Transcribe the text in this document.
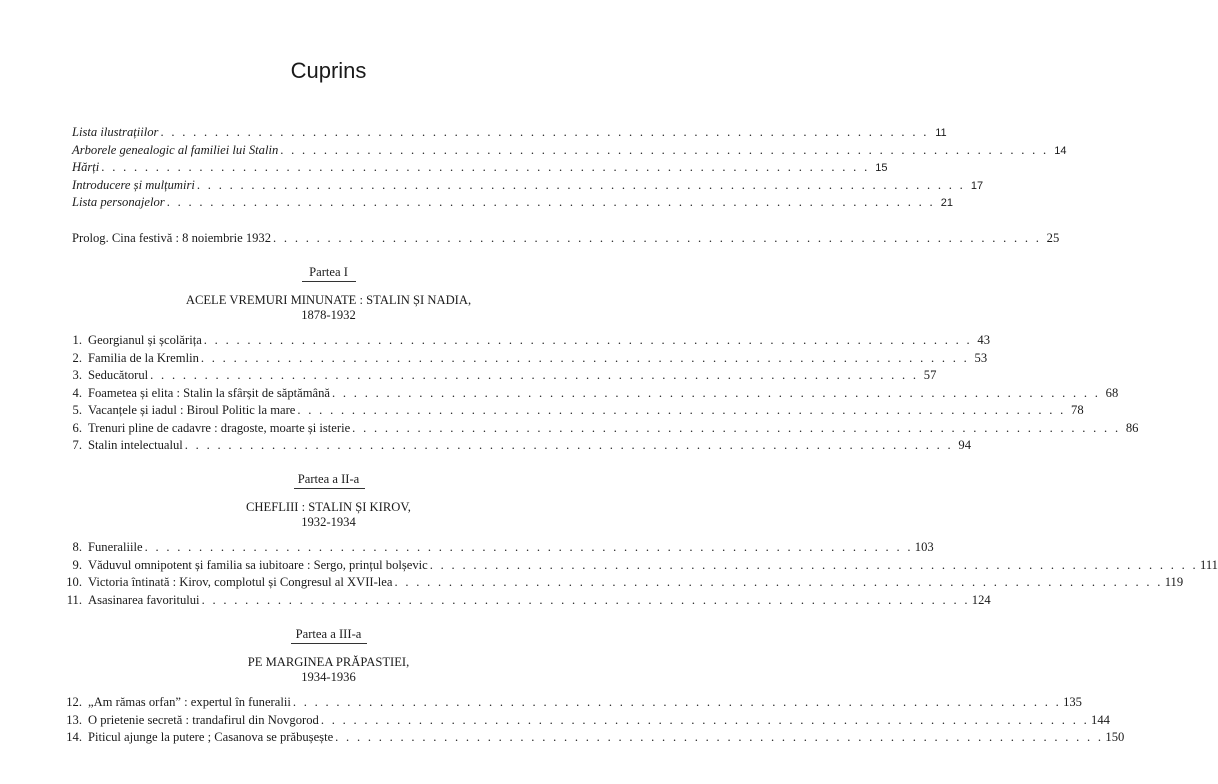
Cuprins
Lista ilustrațiilor . . . . . . . . . . . . . . . . . . . . . . . . . . . . . . . . . . . . . . . . . . . . . . . . . . . . . . . . . . . . . . . . . . . . . . . 11
Arborele genealogic al familiei lui Stalin . . . . . . . . . . . . . . . . . . . . . . . . . . . . . . . . . . . . . . . . . . . . . . . . . . . . . . . . . . . . . . . . . . . . . . . 14
Hărți . . . . . . . . . . . . . . . . . . . . . . . . . . . . . . . . . . . . . . . . . . . . . . . . . . . . . . . . . . . . . . . . . . . . . . . 15
Introducere și mulțumiri . . . . . . . . . . . . . . . . . . . . . . . . . . . . . . . . . . . . . . . . . . . . . . . . . . . . . . . . . . . . . . . . . . . . . . . 17
Lista personajelor . . . . . . . . . . . . . . . . . . . . . . . . . . . . . . . . . . . . . . . . . . . . . . . . . . . . . . . . . . . . . . . . . . . . . . . 21
Prolog. Cina festivă : 8 noiembrie 1932 . . . . . . . . . . . . . . . . . . . . . . . . . . . . . . . . . . . . . . . . . . . . . . . . . . . . . . . . . . . . . . . . . . . . . . . 25
Partea I
ACELE VREMURI MINUNATE : STALIN ȘI NADIA,
1878-1932
1. Georgianul și școlărița . . . . . . . . . . . . . . . . . . . . . . . . . . . . . . . . . . . . . . . . . . . . . . . . . . . . . . . . . . . . . . . . . . . . . . . 43
2. Familia de la Kremlin . . . . . . . . . . . . . . . . . . . . . . . . . . . . . . . . . . . . . . . . . . . . . . . . . . . . . . . . . . . . . . . . . . . . . . . 53
3. Seducătorul . . . . . . . . . . . . . . . . . . . . . . . . . . . . . . . . . . . . . . . . . . . . . . . . . . . . . . . . . . . . . . . . . . . . . . . 57
4. Foametea și elita : Stalin la sfârșit de săptămână . . . . . . . . . . . . . . . . . . . . . . . . . . . . . . . . . . . . . . . . . . . . . . . . . . . . . . . . . . . . . . . . . . . . . . . 68
5. Vacanțele și iadul : Biroul Politic la mare . . . . . . . . . . . . . . . . . . . . . . . . . . . . . . . . . . . . . . . . . . . . . . . . . . . . . . . . . . . . . . . . . . . . . . . 78
6. Trenuri pline de cadavre : dragoste, moarte și isterie . . . . . . . . . . . . . . . . . . . . . . . . . . . . . . . . . . . . . . . . . . . . . . . . . . . . . . . . . . . . . . . . . . . . . . . 86
7. Stalin intelectualul . . . . . . . . . . . . . . . . . . . . . . . . . . . . . . . . . . . . . . . . . . . . . . . . . . . . . . . . . . . . . . . . . . . . . . . 94
Partea a II-a
CHEFLIII : STALIN ȘI KIROV,
1932-1934
8. Funeraliile . . . . . . . . . . . . . . . . . . . . . . . . . . . . . . . . . . . . . . . . . . . . . . . . . . . . . . . . . . . . . . . . . . . . . . . 103
9. Văduvul omnipotent și familia sa iubitoare : Sergo, prințul bolșevic . . . . . . . . . . . . . . . . . . . . . . . . . . . . . . . . . . . . . . . . . . . . . . . . . . . . . . . . . . . . . . . . . . . . . . . 111
10. Victoria întinată : Kirov, complotul și Congresul al XVII-lea . . . . . . . . . . . . . . . . . . . . . . . . . . . . . . . . . . . . . . . . . . . . . . . . . . . . . . . . . . . . . . . . . . . . . . . 119
11. Asasinarea favoritului . . . . . . . . . . . . . . . . . . . . . . . . . . . . . . . . . . . . . . . . . . . . . . . . . . . . . . . . . . . . . . . . . . . . . . . 124
Partea a III-a
PE MARGINEA PRĂPASTIEI,
1934-1936
12. „Am rămas orfan” : expertul în funeralii . . . . . . . . . . . . . . . . . . . . . . . . . . . . . . . . . . . . . . . . . . . . . . . . . . . . . . . . . . . . . . . . . . . . . . . 135
13. O prietenie secretă : trandafirul din Novgorod . . . . . . . . . . . . . . . . . . . . . . . . . . . . . . . . . . . . . . . . . . . . . . . . . . . . . . . . . . . . . . . . . . . . . . . 144
14. Piticul ajunge la putere ; Casanova se prăbușește . . . . . . . . . . . . . . . . . . . . . . . . . . . . . . . . . . . . . . . . . . . . . . . . . . . . . . . . . . . . . . . . . . . . . . . 150
